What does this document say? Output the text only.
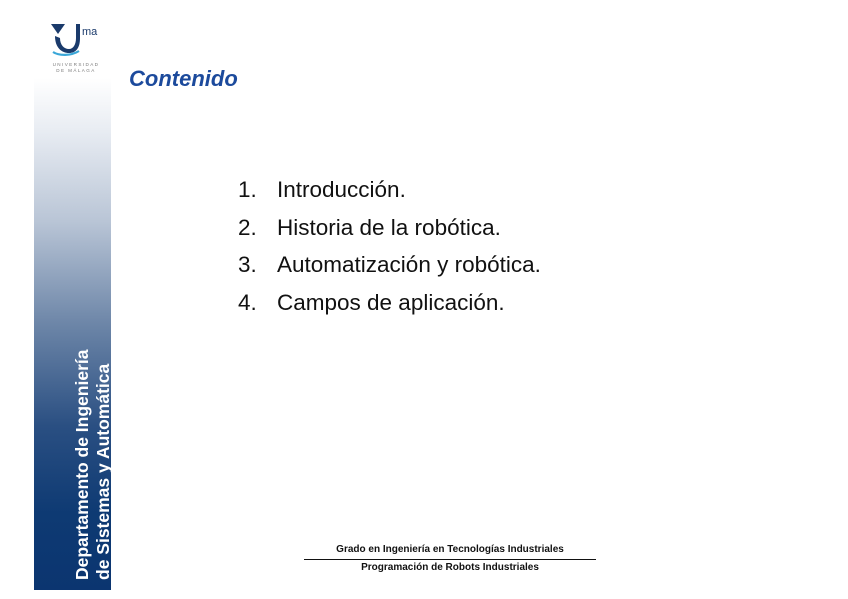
ma
UNIVERSIDAD
DE MÁLAGA
Departamento de Ingeniería de Sistemas y Automática
Contenido
1. Introducción.
2. Historia de la robótica.
3. Automatización y robótica.
4. Campos de aplicación.
Grado en Ingeniería en Tecnologías Industriales
Programación de Robots Industriales
